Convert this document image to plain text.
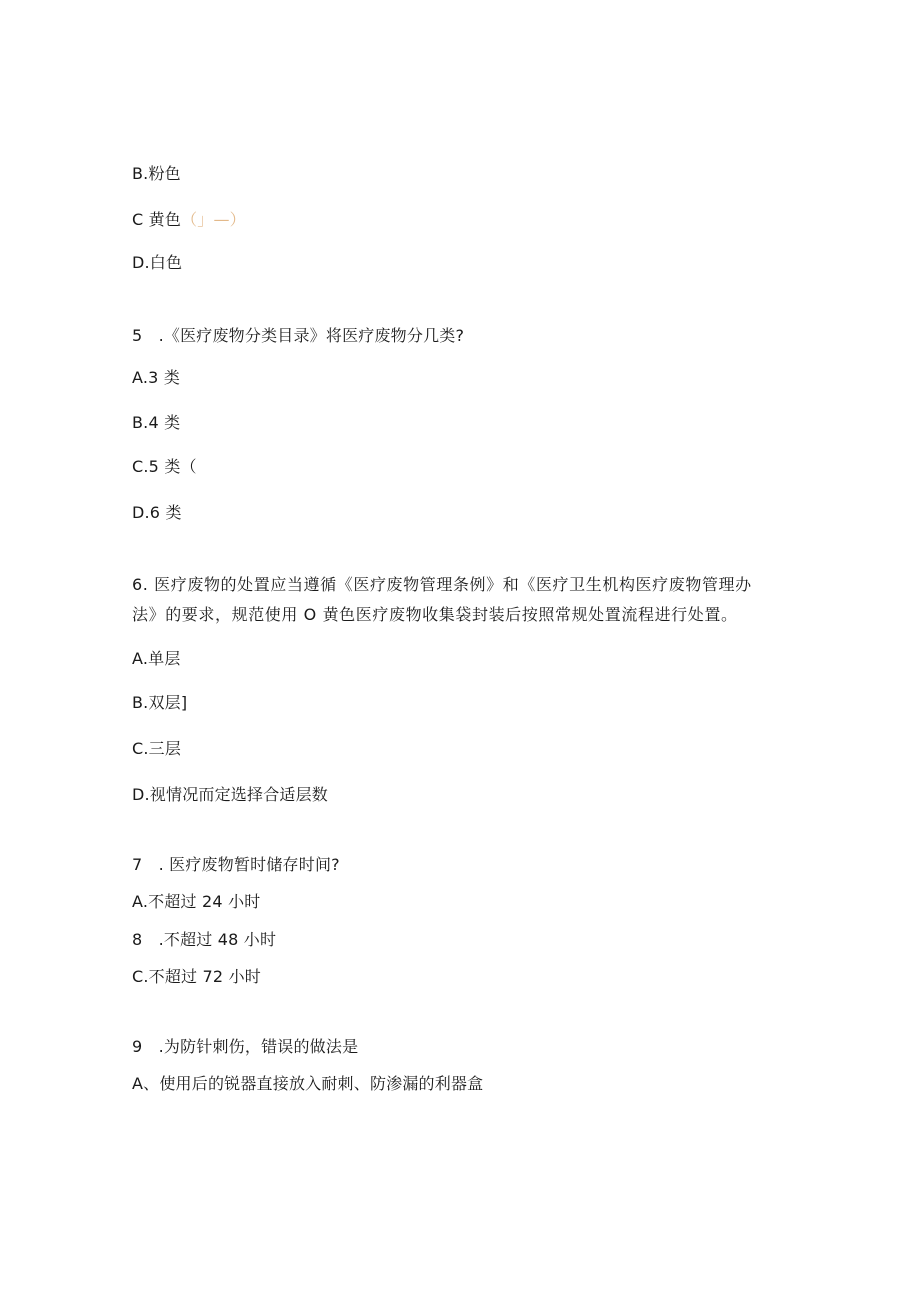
B.粉色
C 黄色（」—）
D.白色
5　.《医疗废物分类目录》将医疗废物分几类?
A.3 类
B.4 类
C.5 类（
D.6 类
6. 医疗废物的处置应当遵循《医疗废物管理条例》和《医疗卫生机构医疗废物管理办
法》的要求，规范使用 O 黄色医疗废物收集袋封装后按照常规处置流程进行处置。
A.单层
B.双层]
C.三层
D.视情况而定选择合适层数
7　. 医疗废物暂时储存时间?
A.不超过 24 小时
8　.不超过 48 小时
C.不超过 72 小时
9　.为防针刺伤，错误的做法是
A、使用后的锐器直接放入耐刺、防渗漏的利器盒
